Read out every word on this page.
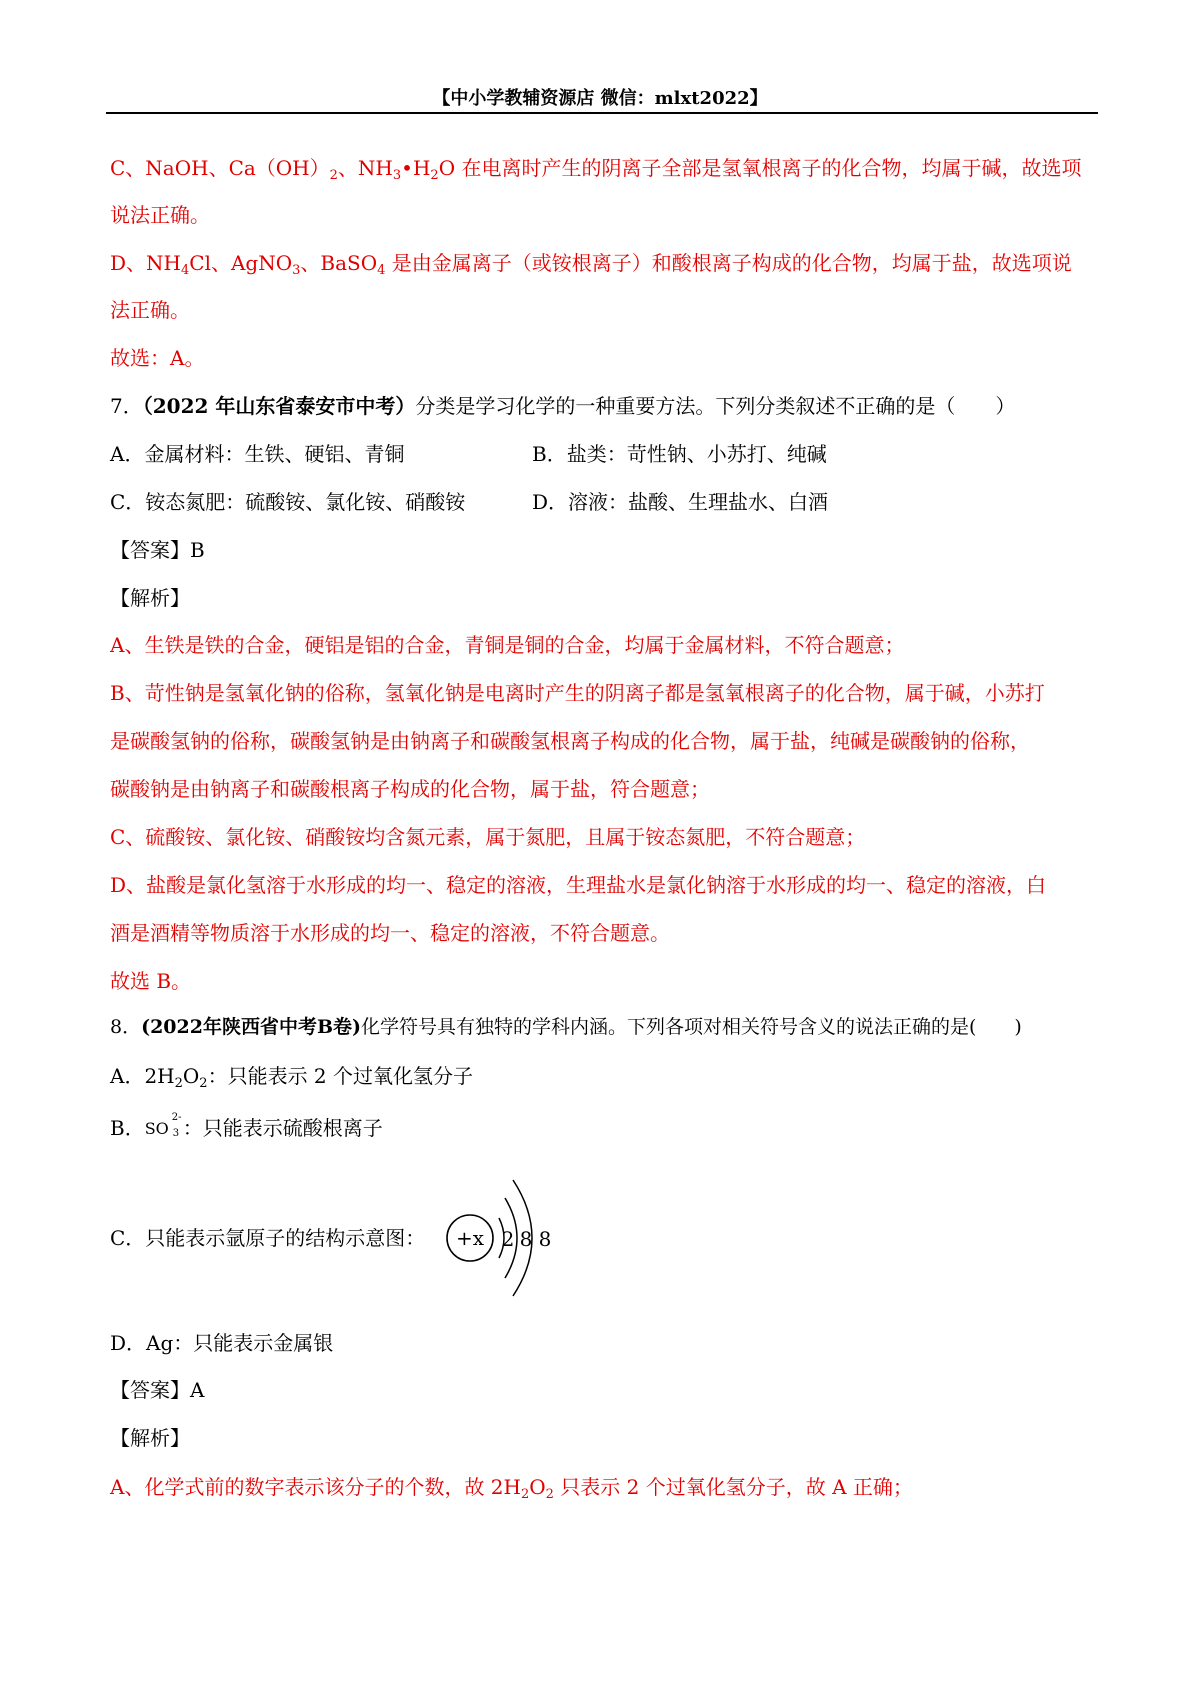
【中小学教辅资源店 微信：mlxt2022】
C、NaOH、$Ca(OH)_2$、$NH_3•H_2O$ 在电离时产生的阴离子全部是氢氧根离子的化合物，均属于碱，故选项
说法正确。
D、$NH_4Cl$、AgNO$_3$、BaSO$_4$ 是由金属离子（或铵根离子）和酸根离子构成的化合物，均属于盐，故选项说
法正确。
故选：A。
7．（2022 年山东省泰安市中考）分类是学习化学的一种重要方法。下列分类叙述不正确的是（　　）
A．金属材料：生铁、硬铝、青铜	B．盐类：苛性钠、小苏打、纯碱
C．铵态氮肥：硫酸铵、氯化铵、硝酸铵	D．溶液：盐酸、生理盐水、白酒
【答案】B
【解析】
A、生铁是铁的合金，硬铝是铝的合金，青铜是铜的合金，均属于金属材料，不符合题意；
B、苛性钠是氢氧化钠的俗称，氢氧化钠是电离时产生的阴离子都是氢氧根离子的化合物，属于碱，小苏打
是碳酸氢钠的俗称，碳酸氢钠是由钠离子和碳酸氢根离子构成的化合物，属于盐，纯碱是碳酸钠的俗称，
碳酸钠是由钠离子和碳酸根离子构成的化合物，属于盐，符合题意；
C、硫酸铵、氯化铵、硝酸铵均含氮元素，属于氮肥，且属于铵态氮肥，不符合题意；
D、盐酸是氯化氢溶于水形成的均一、稳定的溶液，生理盐水是氯化钠溶于水形成的均一、稳定的溶液，白
酒是酒精等物质溶于水形成的均一、稳定的溶液，不符合题意。
故选 B。
8．(2022年陕西省中考B卷)化学符号具有独特的学科内涵。下列各项对相关符号含义的说法正确的是(　　)
A．$2H_2O_2$：只能表示 2 个过氧化氢分子
B． SO
2-
3 ：只能表示硫酸根离子
C．只能表示氩原子的结构示意图： +x 2 8 8
D．Ag：只能表示金属银
【答案】A
【解析】
A、化学式前的数字表示该分子的个数，故 $2H_2O_2$ 只表示 2 个过氧化氢分子，故 A 正确；
